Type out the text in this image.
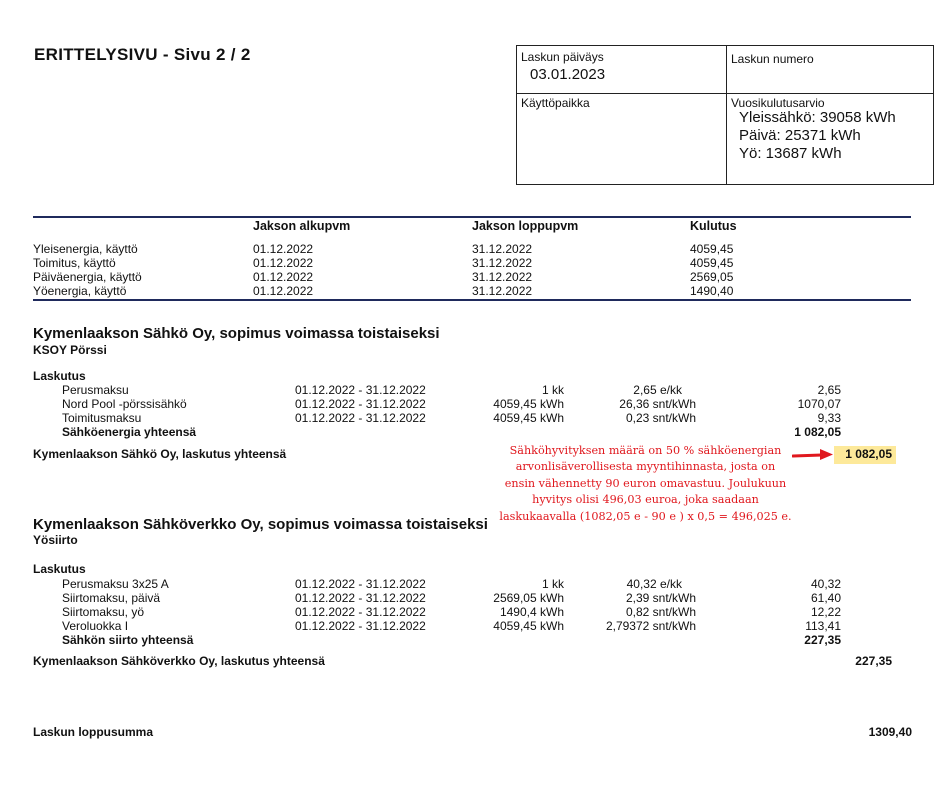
ERITTELYSIVU - Sivu 2 / 2	Laskun päiväys
03.01.2023
Laskun numero
Käyttöpaikka	Vuosikulutusarvio
Yleissähkö: 39058 kWh
Päivä: 25371 kWh
Yö: 13687 kWh
Jakson alkupvm	Jakson loppupvm	Kulutus
Yleisenergia, käyttö	01.12.2022	31.12.2022	4059,45
Toimitus, käyttö	01.12.2022	31.12.2022	4059,45
Päiväenergia, käyttö	01.12.2022	31.12.2022	2569,05
Yöenergia, käyttö	01.12.2022	31.12.2022	1490,40
Kymenlaakson Sähkö Oy, sopimus voimassa toistaiseksi
KSOY Pörssi
Laskutus
Perusmaksu	01.12.2022 - 31.12.2022	1 kk	2,65 e/kk	2,65
Nord Pool -pörssisähkö	01.12.2022 - 31.12.2022	4059,45 kWh	26,36 snt/kWh	1070,07
Toimitusmaksu	01.12.2022 - 31.12.2022	4059,45 kWh	0,23 snt/kWh	9,33
Sähköenergia yhteensä	1 082,05
Kymenlaakson Sähkö Oy, laskutus yhteensä	1 082,05
Sähköhyvityksen määrä on 50 % sähköenergian
arvonlisäverollisesta myyntihinnasta, josta on
ensin vähennetty 90 euron omavastuu. Joulukuun
hyvitys olisi 496,03 euroa, joka saadaan
laskukaavalla (1082,05 e - 90 e ) x 0,5 = 496,025 e.
Kymenlaakson Sähköverkko Oy, sopimus voimassa toistaiseksi
Yösiirto
Laskutus
Perusmaksu 3x25 A	01.12.2022 - 31.12.2022	1 kk	40,32 e/kk	40,32
Siirtomaksu, päivä	01.12.2022 - 31.12.2022	2569,05 kWh	2,39 snt/kWh	61,40
Siirtomaksu, yö	01.12.2022 - 31.12.2022	1490,4 kWh	0,82 snt/kWh	12,22
Veroluokka I	01.12.2022 - 31.12.2022	4059,45 kWh	2,79372 snt/kWh	113,41
Sähkön siirto yhteensä	227,35
Kymenlaakson Sähköverkko Oy, laskutus yhteensä	227,35
Laskun loppusumma	1309,40
